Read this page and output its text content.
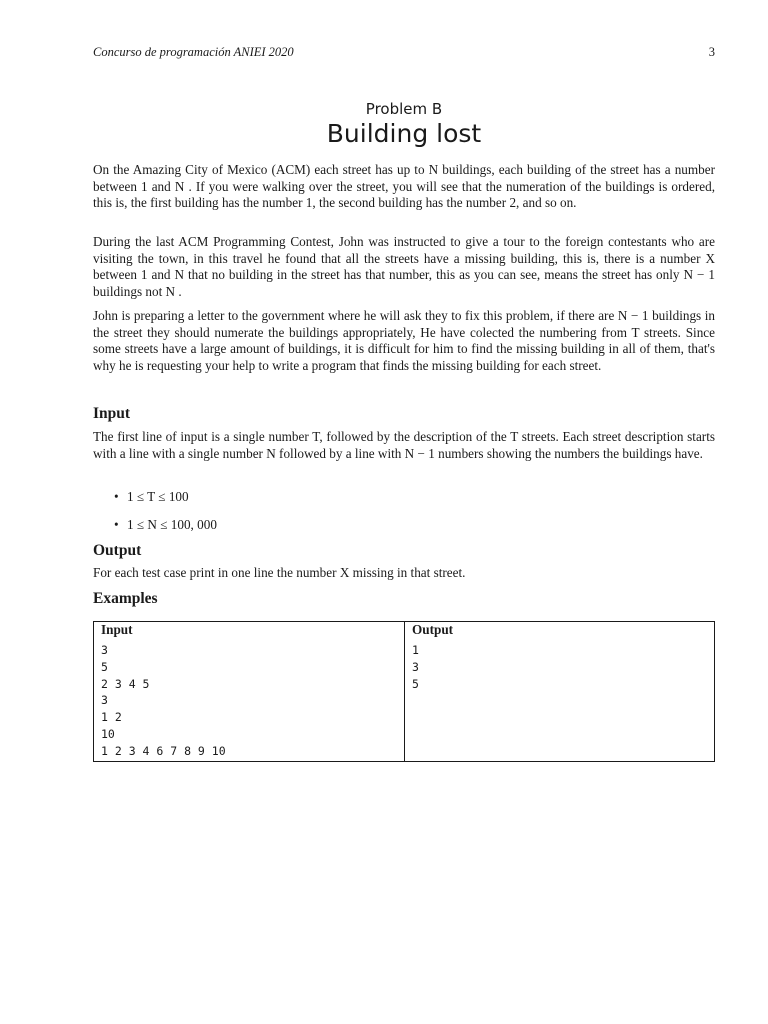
Concurso de programación ANIEI 2020	3
Problem B
Building lost

On the Amazing City of Mexico (ACM) each street has up to N buildings, each building of the street has a number between 1 and N . If you were walking over the street, you will see that the numeration of the buildings is ordered, this is, the first building has the number 1, the second building has the number 2, and so on.

During the last ACM Programming Contest, John was instructed to give a tour to the foreign contestants who are visiting the town, in this travel he found that all the streets have a missing building, this is, there is a number X between 1 and N that no building in the street has that number, this as you can see, means the street has only N − 1 buildings not N .

John is preparing a letter to the government where he will ask they to fix this problem, if there are N − 1 buildings in the street they should numerate the buildings appropriately, He have colected the numbering from T streets. Since some streets have a large amount of buildings, it is difficult for him to find the missing building in all of them, that's why he is requesting your help to write a program that finds the missing building for each street.

Input

The first line of input is a single number T, followed by the description of the T streets. Each street description starts with a line with a single number N followed by a line with N − 1 numbers showing the numbers the buildings have.

• 1 ≤ T ≤ 100
• 1 ≤ N ≤ 100, 000
Output

For each test case print in one line the number X missing in that street.

Examples
Input
3
5
2 3 4 5
3
1 2
10
1 2 3 4 6 7 8 9 10
Output
1
3
5
